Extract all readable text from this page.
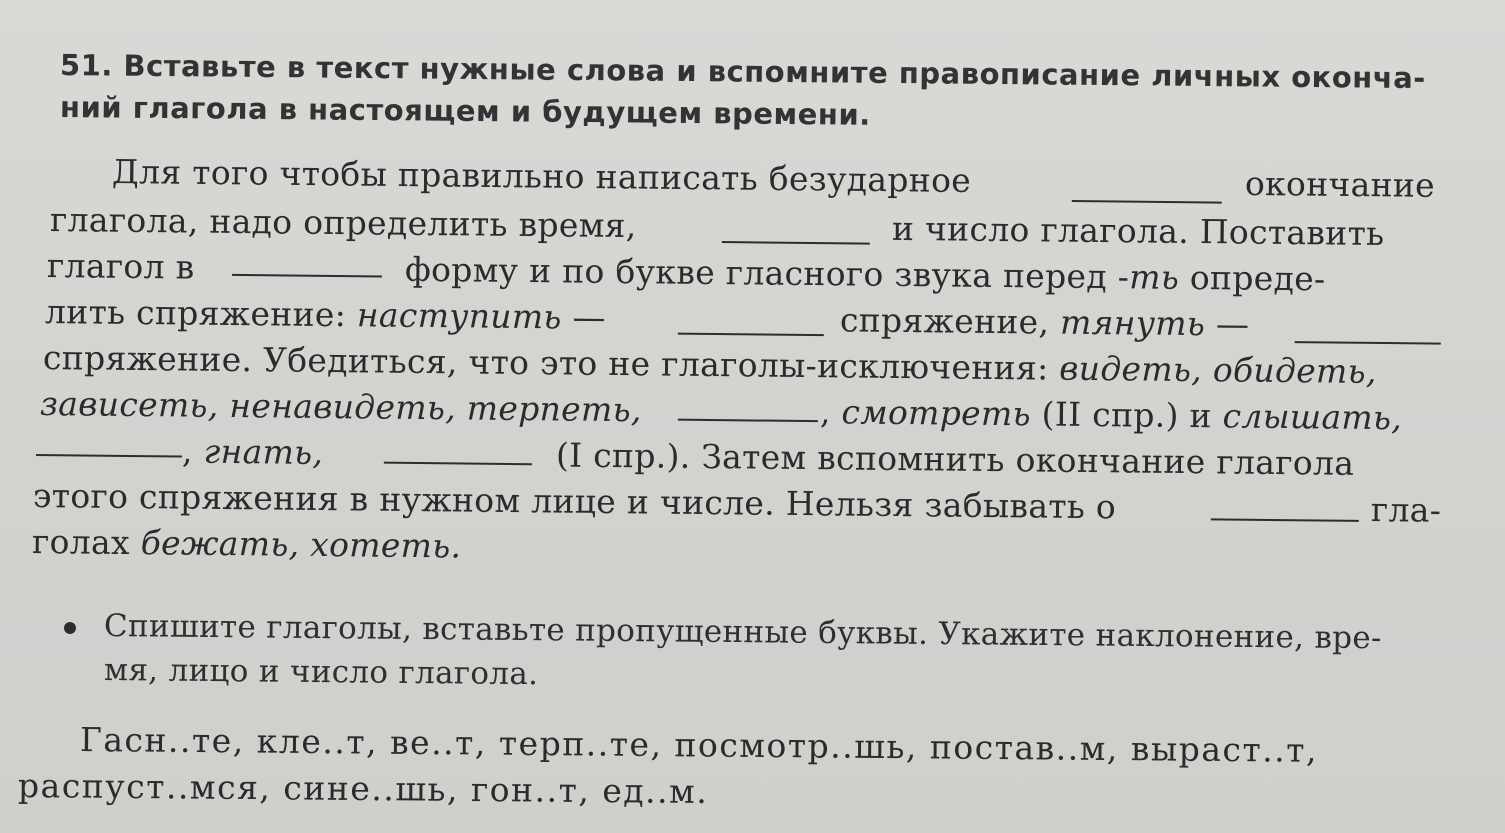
51. Вставьте в текст нужные слова и вспомните правописание личных оконча-
ний глагола в настоящем и будущем времени.
Для того чтобы правильно написать безударное	окончание
глагола, надо определить время,	и число глагола. Поставить
глагол в	форму и по букве гласного звука перед -ть опреде-
лить спряжение: наступить —	спряжение, тянуть —
спряжение. Убедиться, что это не глаголы-исключения: видеть, обидеть,
зависеть, ненавидеть, терпеть,	, смотреть (II спр.) и слышать,
, гнать,	(I спр.). Затем вспомнить окончание глагола
этого спряжения в нужном лице и числе. Нельзя забывать о	гла-
голах бежать, хотеть.
Спишите глаголы, вставьте пропущенные буквы. Укажите наклонение, вре-
мя, лицо и число глагола.
Гасн..те, кле..т, ве..т, терп..те, посмотр..шь, постав..м, выраст..т,
распуст..мся, сине..шь, гон..т, ед..м.
